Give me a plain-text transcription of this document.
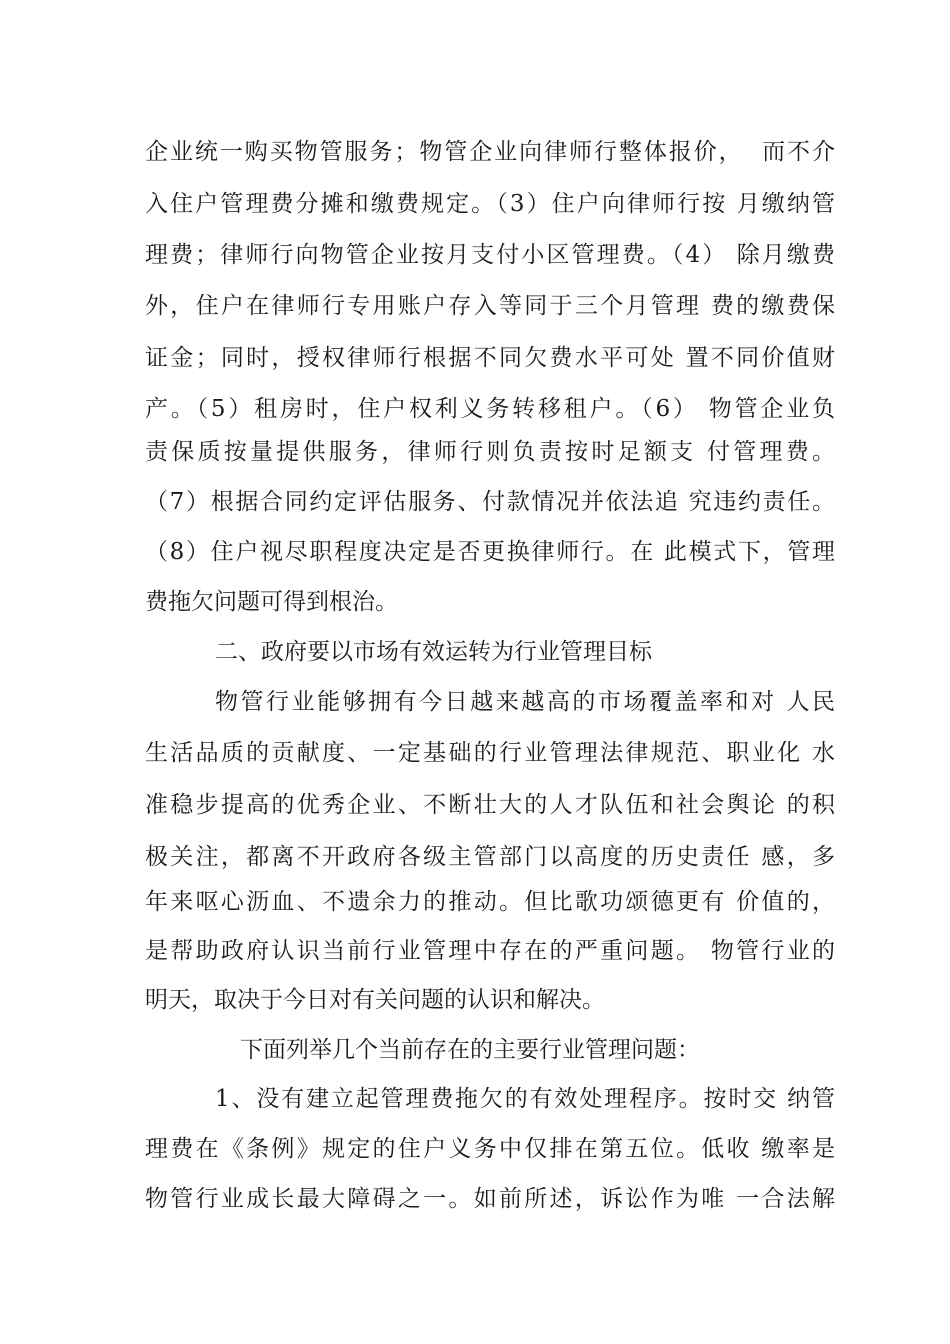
企业统一购买物管服务；物管企业向律师行整体报价，  而不介
入住户管理费分摊和缴费规定。（3）住户向律师行按 月缴纳管
理费；律师行向物管企业按月支付小区管理费。（4） 除月缴费
外，住户在律师行专用账户存入等同于三个月管理 费的缴费保
证金；同时，授权律师行根据不同欠费水平可处 置不同价值财
产。（5）租房时，住户权利义务转移租户。（6） 物管企业负
责保质按量提供服务，律师行则负责按时足额支 付管理费。
（7）根据合同约定评估服务、付款情况并依法追 究违约责任。
（8）住户视尽职程度决定是否更换律师行。在 此模式下，管理
费拖欠问题可得到根治。
二、政府要以市场有效运转为行业管理目标
物管行业能够拥有今日越来越高的市场覆盖率和对 人民
生活品质的贡献度、一定基础的行业管理法律规范、职业化 水
准稳步提高的优秀企业、不断壮大的人才队伍和社会舆论 的积
极关注，都离不开政府各级主管部门以高度的历史责任 感，多
年来呕心沥血、不遗余力的推动。但比歌功颂德更有 价值的，
是帮助政府认识当前行业管理中存在的严重问题。 物管行业的
明天，取决于今日对有关问题的认识和解决。
下面列举几个当前存在的主要行业管理问题：
1、没有建立起管理费拖欠的有效处理程序。按时交 纳管
理费在《条例》规定的住户义务中仅排在第五位。低收 缴率是
物管行业成长最大障碍之一。如前所述，诉讼作为唯 一合法解
